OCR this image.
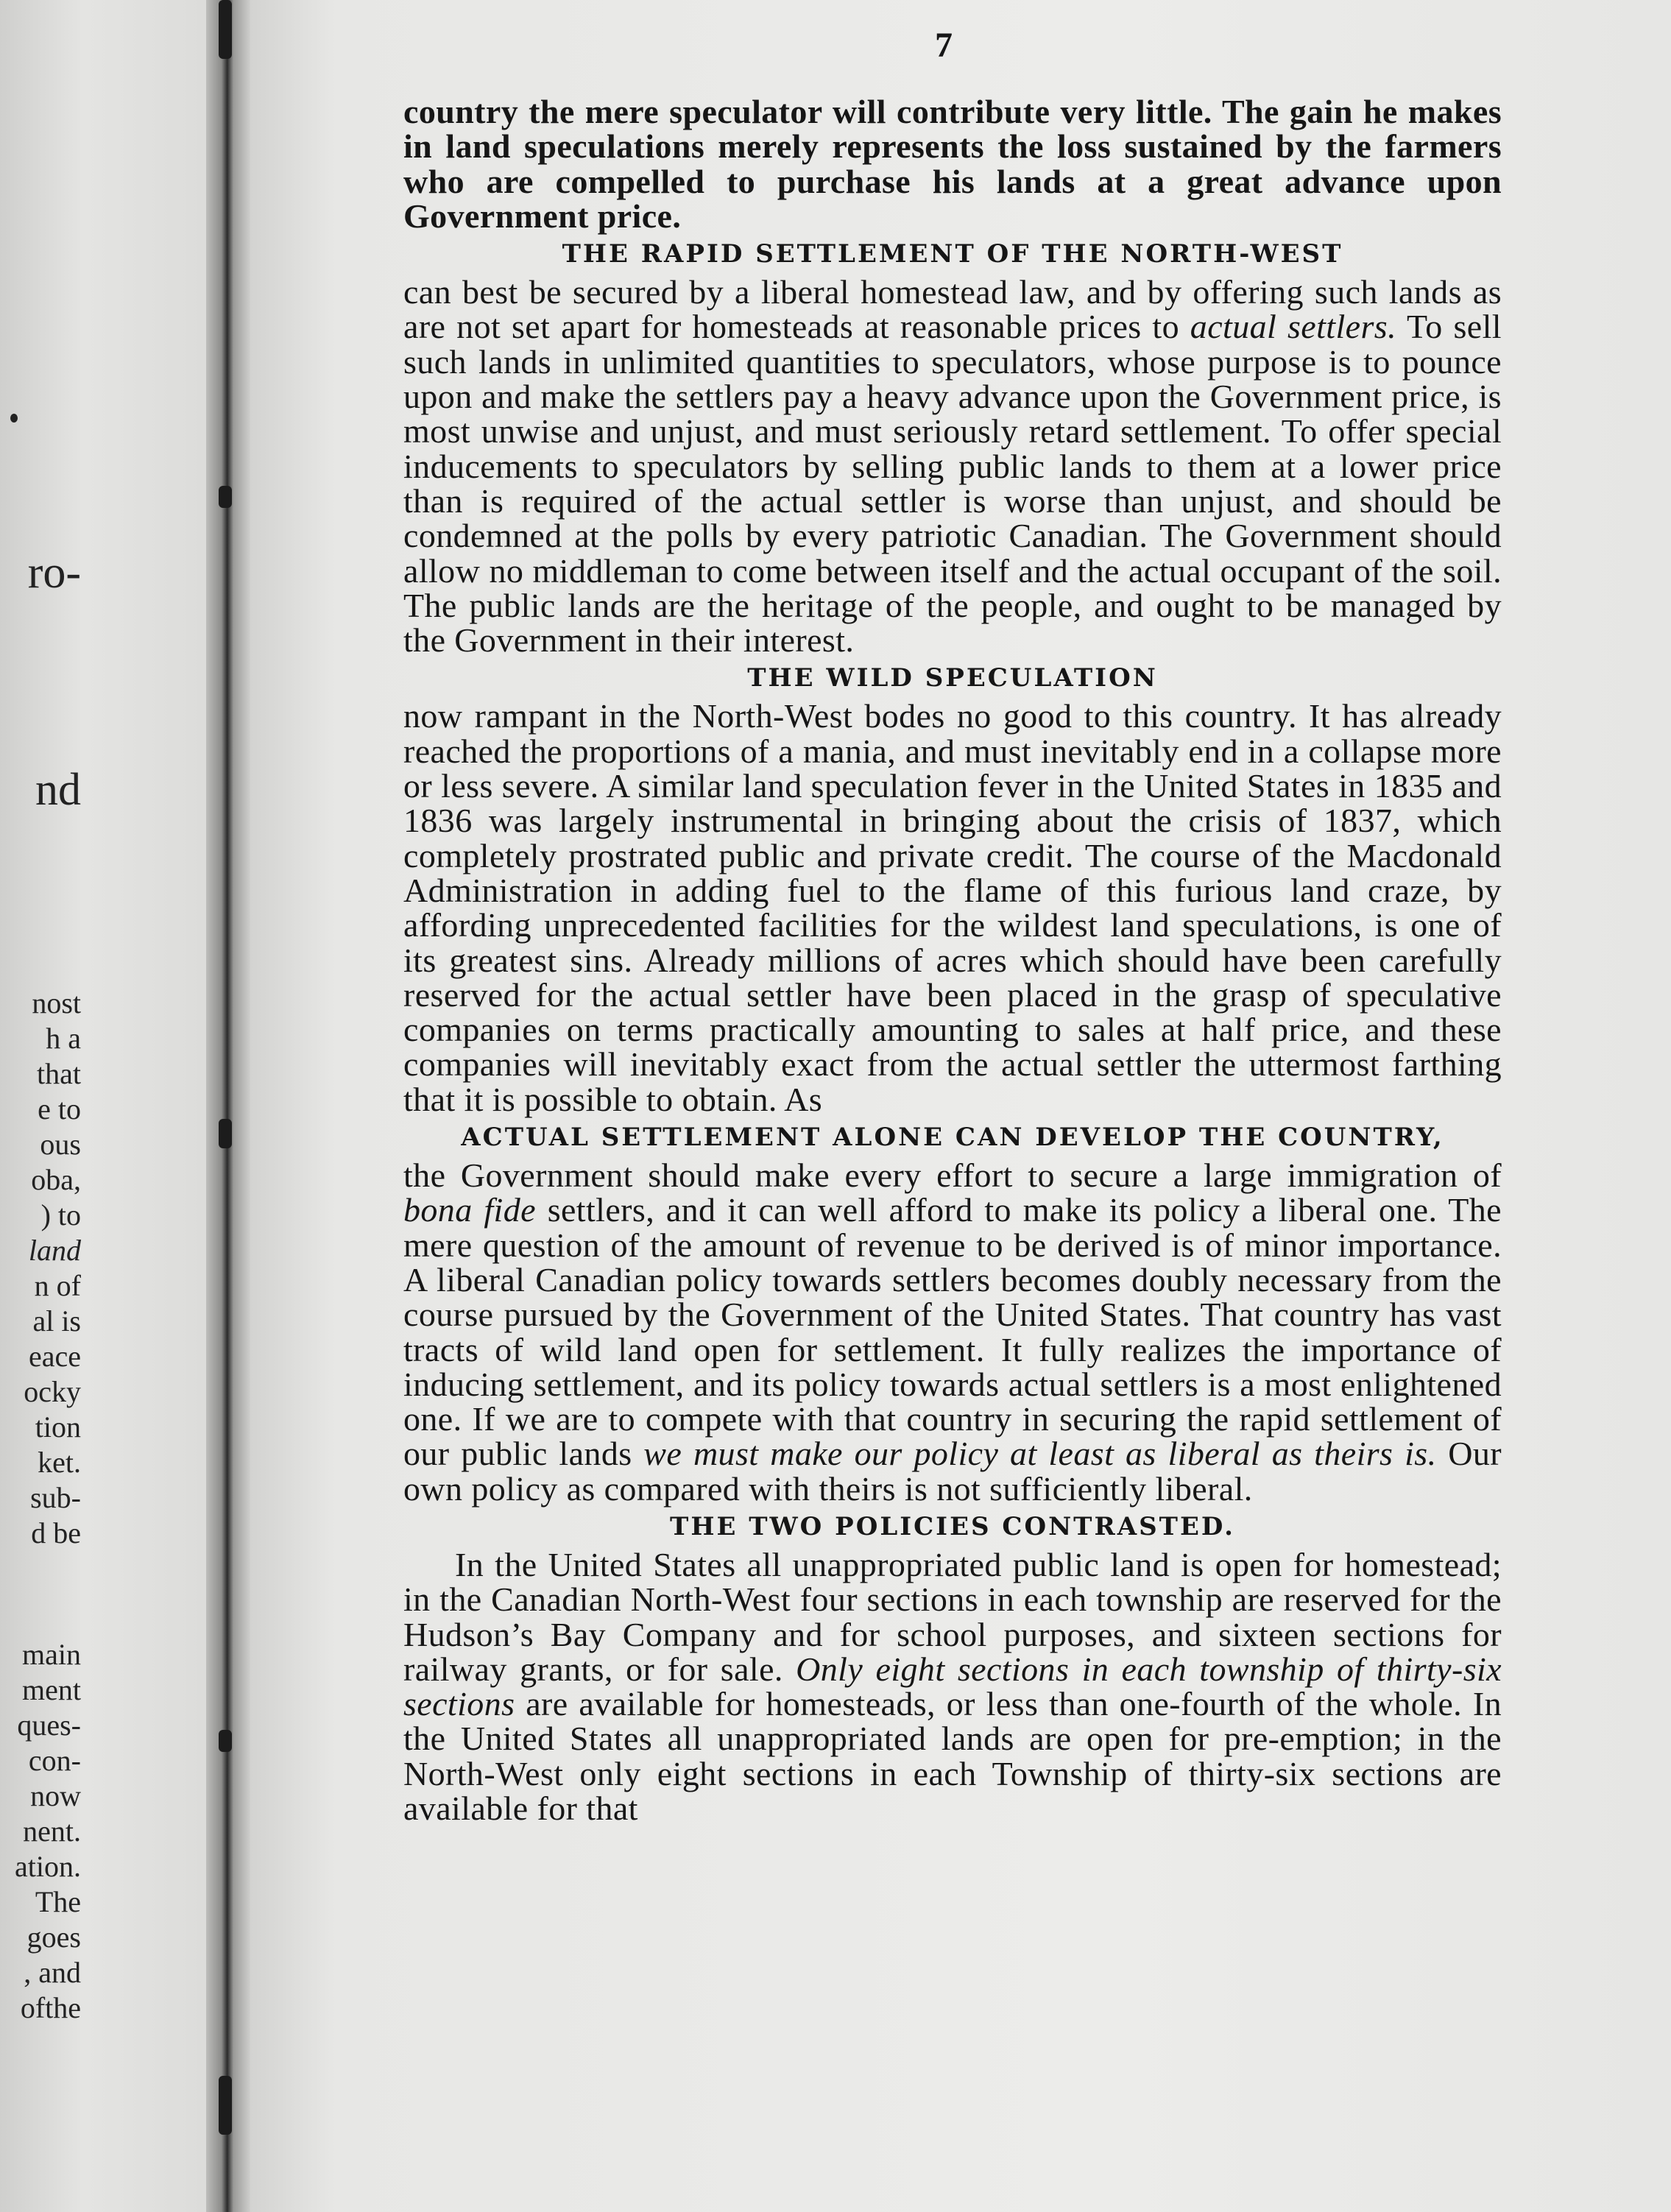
ro-
nd
nost
h a
that
e to
ous
oba,
) to
land
n of
al is
eace
ocky
tion
ket.
sub-
d be
main
ment
ques-
con-
now
nent.
ation.
The
goes
, and
ofthe
7

country the mere speculator will contribute very little. The gain he makes in land speculations merely represents the loss sustained by the farmers who are compelled to purchase his lands at a great advance upon Government price.

THE RAPID SETTLEMENT OF THE NORTH-WEST

can best be secured by a liberal homestead law, and by offering such lands as are not set apart for homesteads at reasonable prices to actual settlers. To sell such lands in unlimited quantities to speculators, whose purpose is to pounce upon and make the settlers pay a heavy advance upon the Government price, is most unwise and unjust, and must seriously retard settlement. To offer special inducements to speculators by selling public lands to them at a lower price than is required of the actual settler is worse than unjust, and should be condemned at the polls by every patriotic Canadian. The Government should allow no middleman to come between itself and the actual occupant of the soil. The public lands are the heritage of the people, and ought to be managed by the Government in their interest.

THE WILD SPECULATION

now rampant in the North-West bodes no good to this country. It has already reached the proportions of a mania, and must inevitably end in a collapse more or less severe. A similar land speculation fever in the United States in 1835 and 1836 was largely instrumental in bringing about the crisis of 1837, which completely prostrated public and private credit. The course of the Macdonald Administration in adding fuel to the flame of this furious land craze, by affording unprecedented facilities for the wildest land speculations, is one of its greatest sins. Already millions of acres which should have been carefully reserved for the actual settler have been placed in the grasp of speculative companies on terms practically amounting to sales at half price, and these companies will inevitably exact from the actual settler the uttermost farthing that it is possible to obtain. As

ACTUAL SETTLEMENT ALONE CAN DEVELOP THE COUNTRY,

the Government should make every effort to secure a large immigration of bona fide settlers, and it can well afford to make its policy a liberal one. The mere question of the amount of revenue to be derived is of minor importance. A liberal Canadian policy towards settlers becomes doubly necessary from the course pursued by the Government of the United States. That country has vast tracts of wild land open for settlement. It fully realizes the importance of inducing settlement, and its policy towards actual settlers is a most enlightened one. If we are to compete with that country in securing the rapid settlement of our public lands we must make our policy at least as liberal as theirs is. Our own policy as compared with theirs is not sufficiently liberal.

THE TWO POLICIES CONTRASTED.

In the United States all unappropriated public land is open for homestead; in the Canadian North-West four sections in each township are reserved for the Hudson’s Bay Company and for school purposes, and sixteen sections for railway grants, or for sale. Only eight sections in each township of thirty-six sections are available for homesteads, or less than one-fourth of the whole. In the United States all unappropriated lands are open for pre-emption; in the North-West only eight sections in each Township of thirty-six sections are available for that
